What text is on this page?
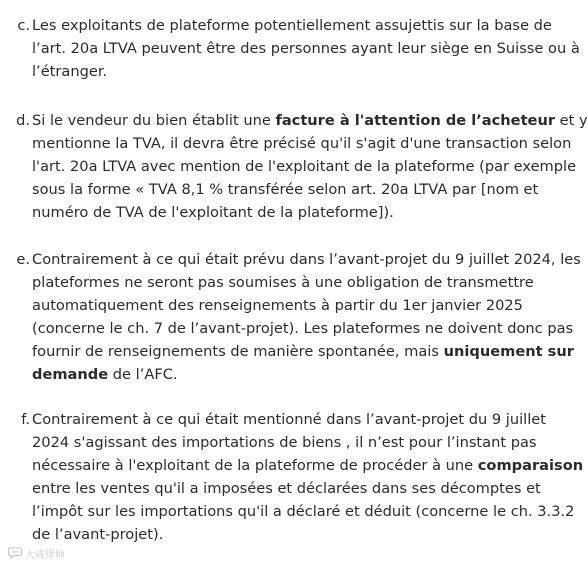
c. Les exploitants de plateforme potentiellement assujettis sur la base de
l’art. 20a LTVA peuvent être des personnes ayant leur siège en Suisse ou à
l’étranger.
d. Si le vendeur du bien établit une facture à l'attention de l’acheteur et y
mentionne la TVA, il devra être précisé qu'il s'agit d'une transaction selon
l'art. 20a LTVA avec mention de l'exploitant de la plateforme (par exemple
sous la forme « TVA 8,1 % transférée selon art. 20a LTVA par [nom et
numéro de TVA de l'exploitant de la plateforme]).
e. Contrairement à ce qui était prévu dans l’avant-projet du 9 juillet 2024, les
plateformes ne seront pas soumises à une obligation de transmettre
automatiquement des renseignements à partir du 1er janvier 2025
(concerne le ch. 7 de l’avant-projet). Les plateformes ne doivent donc pas
fournir de renseignements de manière spontanée, mais uniquement sur
demande de l’AFC.
f. Contrairement à ce qui était mentionné dans l’avant-projet du 9 juillet
2024 s'agissant des importations de biens , il n’est pour l’instant pas
nécessaire à l'exploitant de la plateforme de procéder à une comparaison
entre les ventes qu'il a imposées et déclarées dans ses décomptes et
l’impôt sur les importations qu'il a déclaré et déduit (concerne le ch. 3.3.2
de l’avant-projet).
大成律师
